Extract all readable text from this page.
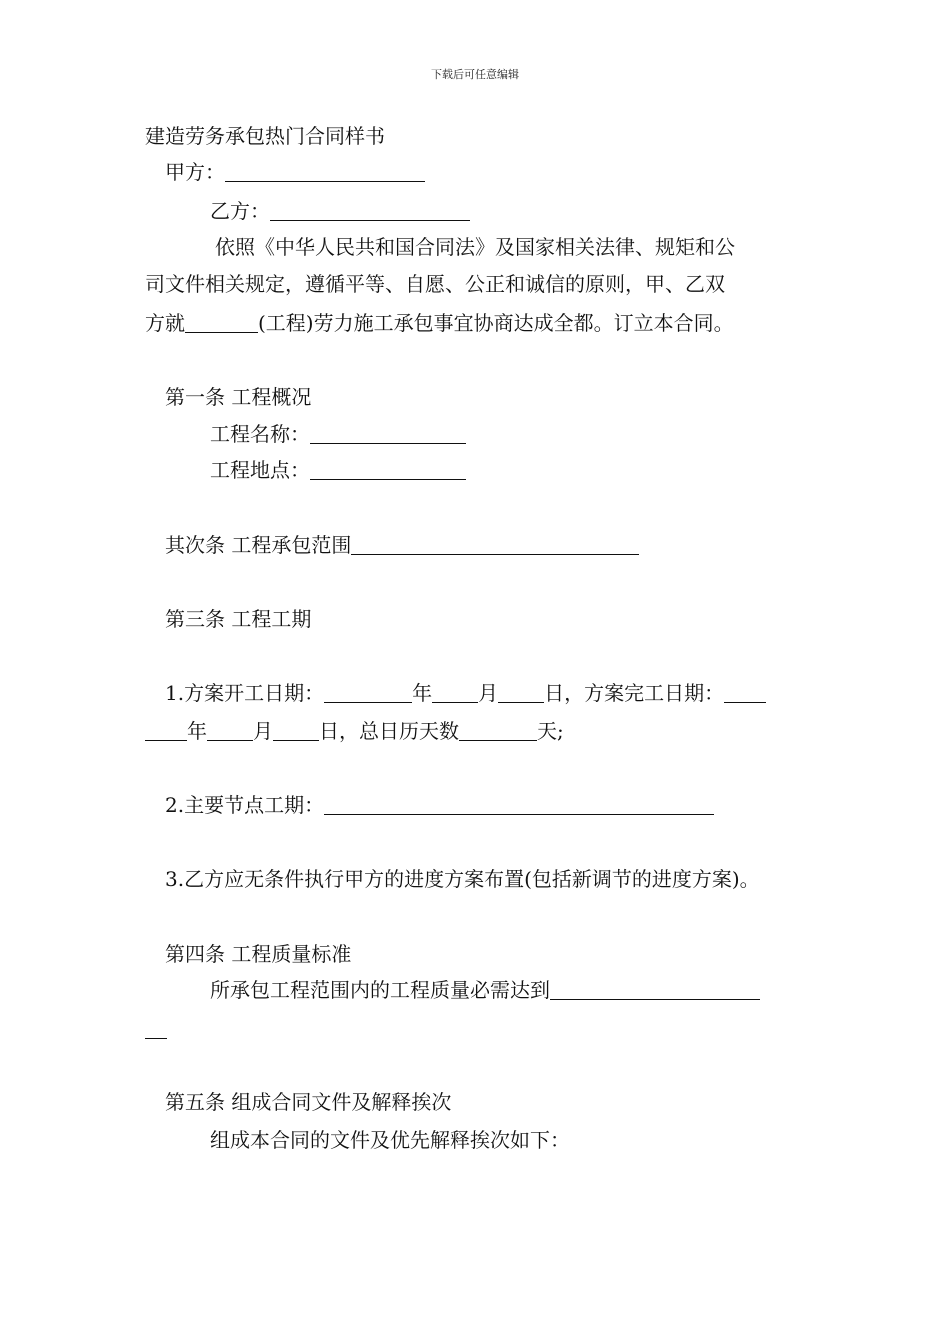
下载后可任意编辑
建造劳务承包热门合同样书
甲方：
乙方：
依照《中华人民共和国合同法》及国家相关法律、规矩和公
司文件相关规定，遵循平等、自愿、公正和诚信的原则，甲、乙双
方就	(工程)劳力施工承包事宜协商达成全都。订立本合同。
第一条 工程概况
工程名称：
工程地点：
其次条 工程承包范围
第三条 工程工期
1.方案开工日期：	年 月 日，方案完工日期：
年 月 日，总日历天数	天;
2.主要节点工期：
3.乙方应无条件执行甲方的进度方案布置(包括新调节的进度方案)。
第四条 工程质量标准
所承包工程范围内的工程质量必需达到
第五条 组成合同文件及解释挨次
组成本合同的文件及优先解释挨次如下：
